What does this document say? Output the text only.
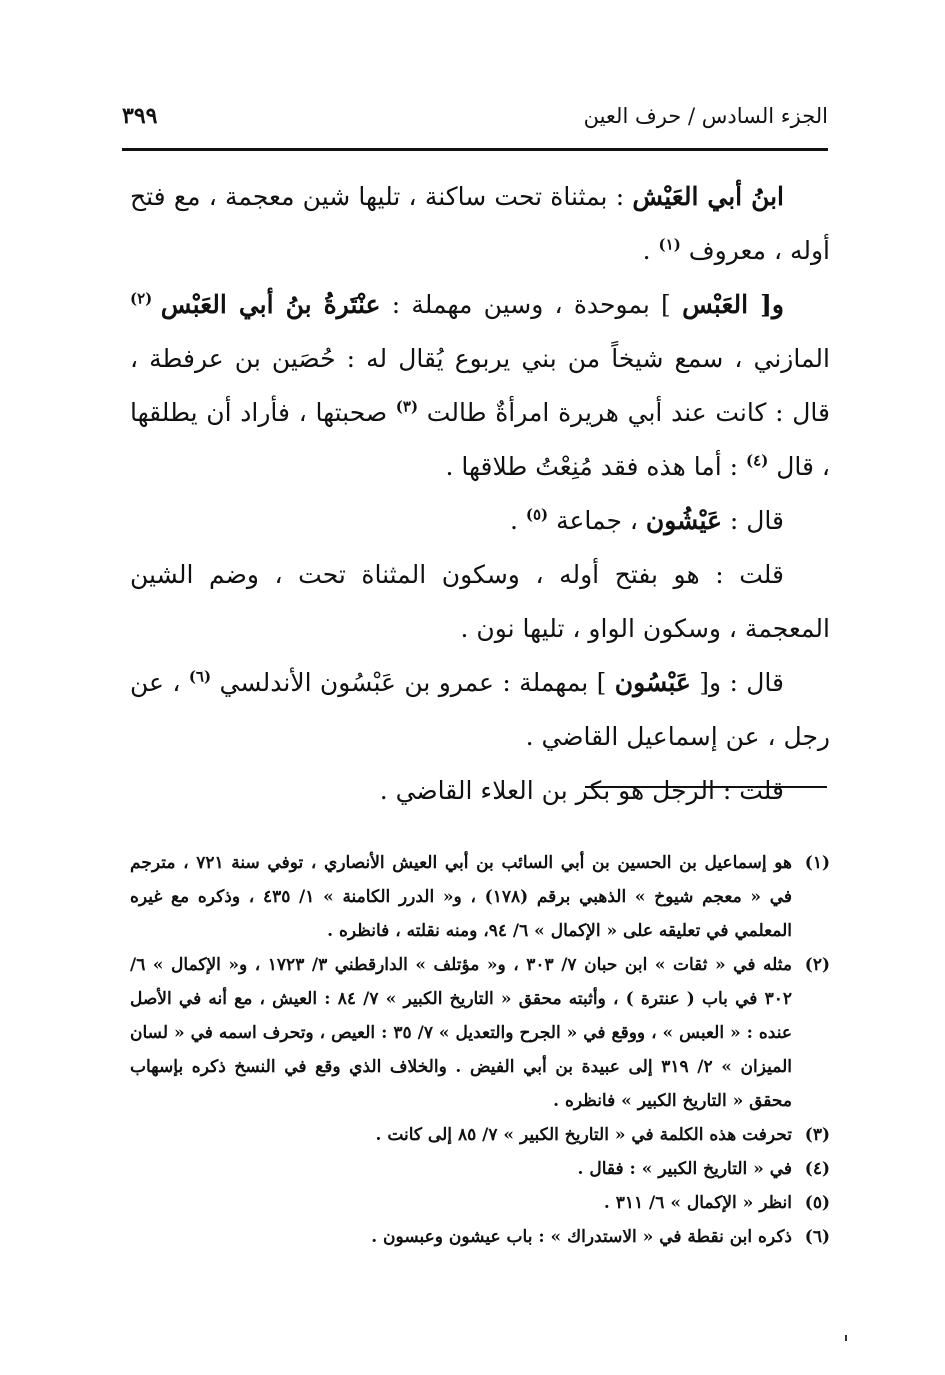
الجزء السادس / حرف العين
٣٩٩

ابنُ أبي العَيْش : بمثناة تحت ساكنة ، تليها شين معجمة ، مع فتح أوله ، معروف $^{(١)}$ .

و[ العَبْس ] بموحدة ، وسين مهملة : عنْتَرةُ بنُ أبي العَبْس $^{(٢)}$ المازني ، سمع شيخاً من بني يربوع يُقال له : حُصَين بن عرفطة ، قال : كانت عند أبي هريرة امرأةٌ طالت $^{(٣)}$ صحبتها ، فأراد أن يطلقها ، قال $^{(٤)}$ : أما هذه فقد مُنِعْتُ طلاقها .

قال : عَيْشُون ، جماعة $^{(٥)}$ .

قلت : هو بفتح أوله ، وسكون المثناة تحت ، وضم الشين المعجمة ، وسكون الواو ، تليها نون .

قال : و[ عَبْسُون ] بمهملة : عمرو بن عَبْسُون الأندلسي $^{(٦)}$ ، عن رجل ، عن إسماعيل القاضي .

قلت : الرجل هو بكر بن العلاء القاضي .

(١)
هو إسماعيل بن الحسين بن أبي السائب بن أبي العيش الأنصاري ، توفي سنة ٧٢١ ، مترجم في « معجم شيوخ » الذهبي برقم (١٧٨) ، و« الدرر الكامنة » ١/ ٤٣٥ ، وذكره مع غيره المعلمي في تعليقه على « الإكمال » ٦/ ٩٤، ومنه نقلته ، فانظره .
(٢)
مثله في « ثقات » ابن حبان ٧/ ٣٠٣ ، و« مؤتلف » الدارقطني ٣/ ١٧٢٣ ، و« الإكمال » ٦/ ٣٠٢ في باب ( عنترة ) ، وأثبته محقق « التاريخ الكبير » ٧/ ٨٤ : العيش ، مع أنه في الأصل عنده : « العبس » ، ووقع في « الجرح والتعديل » ٧/ ٣٥ : العيص ، وتحرف اسمه في « لسان الميزان » ٢/ ٣١٩ إلى عبيدة بن أبي الفيض . والخلاف الذي وقع في النسخ ذكره بإسهاب محقق « التاريخ الكبير » فانظره .
(٣)
تحرفت هذه الكلمة في « التاريخ الكبير » ٧/ ٨٥ إلى كانت .
(٤)
في « التاريخ الكبير » : فقال .
(٥)
انظر « الإكمال » ٦/ ٣١١ .
(٦)
ذكره ابن نقطة في « الاستدراك » : باب عيشون وعبسون .
